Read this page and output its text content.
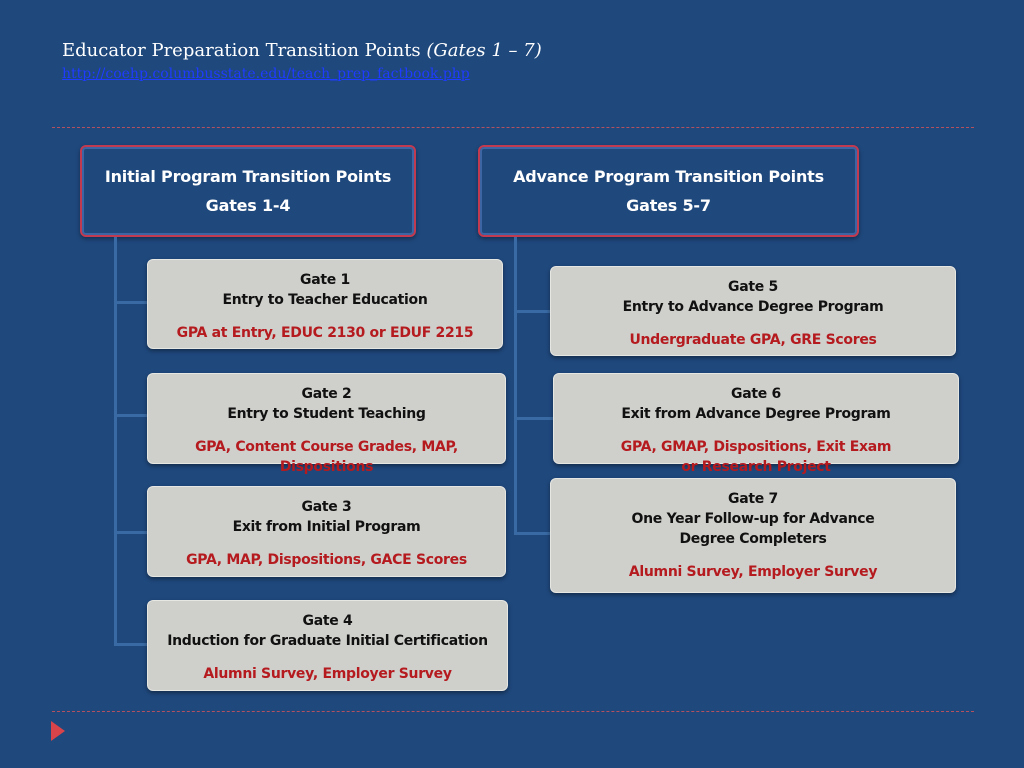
Educator Preparation Transition Points (Gates 1 – 7)
http://coehp.columbusstate.edu/teach_prep_factbook.php
Initial Program Transition Points
Gates 1-4
Advance Program Transition Points
Gates 5-7
Gate 1
Entry to Teacher Education
GPA at Entry, EDUC 2130 or EDUF 2215
Gate 2
Entry to Student Teaching
GPA, Content Course Grades, MAP,
Dispositions
Gate 3
Exit from Initial Program
GPA, MAP, Dispositions, GACE Scores
Gate 4
Induction for Graduate Initial Certification
Alumni Survey, Employer Survey
Gate 5
Entry to Advance Degree Program
Undergraduate GPA, GRE Scores
Gate 6
Exit from Advance Degree Program
GPA, GMAP, Dispositions, Exit Exam
or Research Project
Gate 7
One Year Follow-up for Advance
Degree Completers
Alumni Survey, Employer Survey
